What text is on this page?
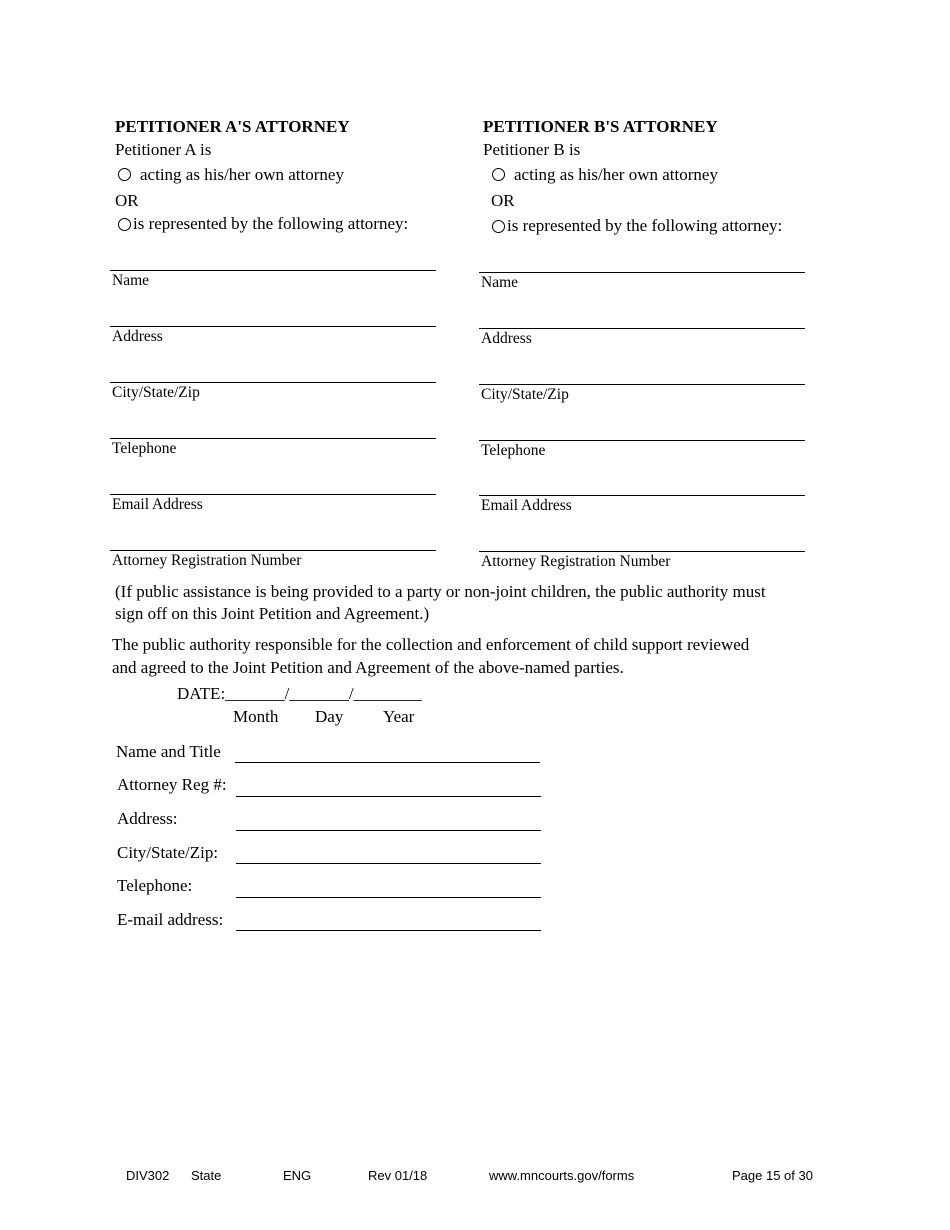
PETITIONER A'S ATTORNEY
Petitioner A is
acting as his/her own attorney
OR
is represented by the following attorney:
Name
Address
City/State/Zip
Telephone
Email Address
Attorney Registration Number
PETITIONER B'S ATTORNEY
Petitioner B is
acting as his/her own attorney
OR
is represented by the following attorney:
Name
Address
City/State/Zip
Telephone
Email Address
Attorney Registration Number
(If public assistance is being provided to a party or non-joint children, the public authority must
sign off on this Joint Petition and Agreement.)
The public authority responsible for the collection and enforcement of child support reviewed
and agreed to the Joint Petition and Agreement of the above-named parties.
DATE:_______/_______/________
Month Day Year
Name and Title
Attorney Reg #:
Address:
City/State/Zip:
Telephone:
E-mail address:
DIV302 State	ENG	Rev 01/18	www.mncourts.gov/forms	Page 15 of 30
